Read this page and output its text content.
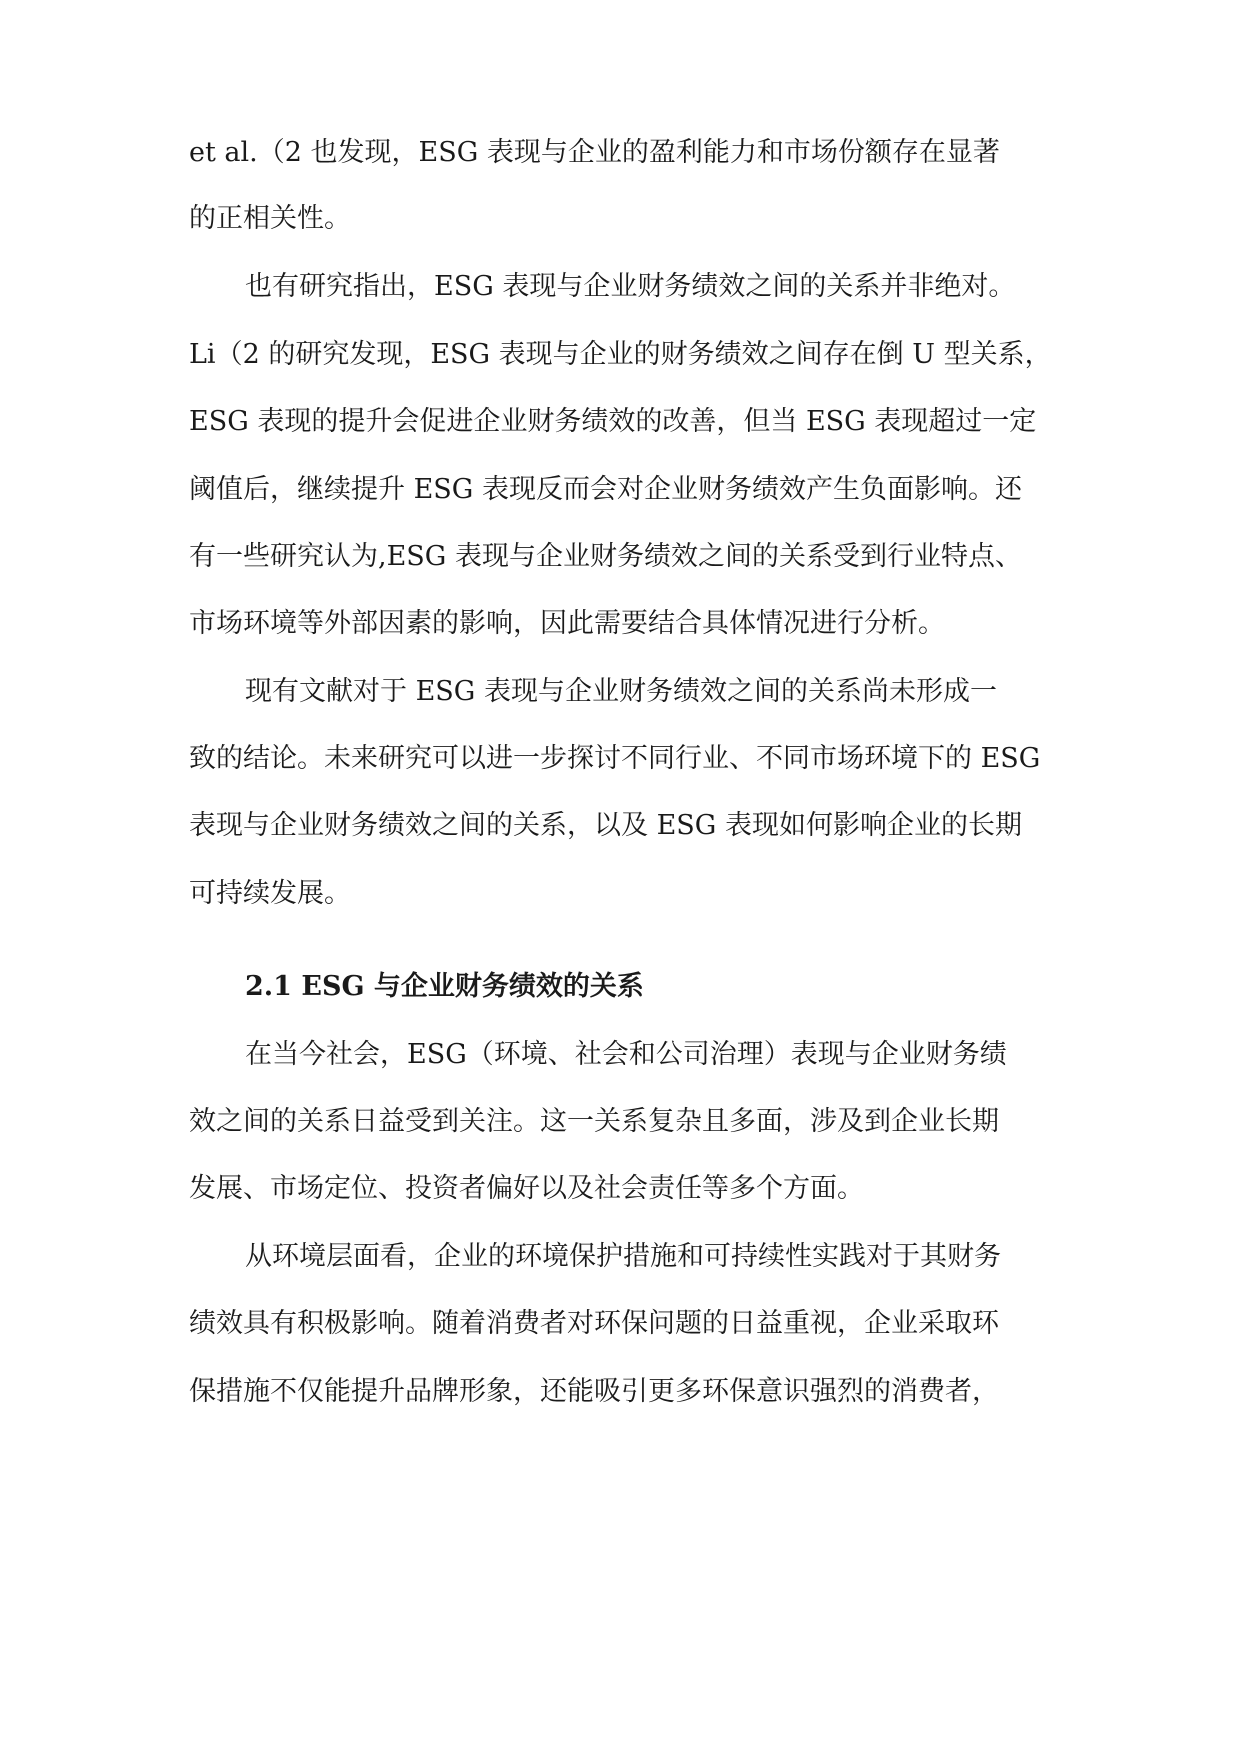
et al.（2 也发现，ESG 表现与企业的盈利能力和市场份额存在显著
的正相关性。
也有研究指出，ESG 表现与企业财务绩效之间的关系并非绝对。
Li（2 的研究发现，ESG 表现与企业的财务绩效之间存在倒 U 型关系，
ESG 表现的提升会促进企业财务绩效的改善，但当 ESG 表现超过一定
阈值后，继续提升 ESG 表现反而会对企业财务绩效产生负面影响。还
有一些研究认为,ESG 表现与企业财务绩效之间的关系受到行业特点、
市场环境等外部因素的影响，因此需要结合具体情况进行分析。
现有文献对于 ESG 表现与企业财务绩效之间的关系尚未形成一
致的结论。未来研究可以进一步探讨不同行业、不同市场环境下的 ESG
表现与企业财务绩效之间的关系，以及 ESG 表现如何影响企业的长期
可持续发展。
2.1 ESG 与企业财务绩效的关系
在当今社会，ESG（环境、社会和公司治理）表现与企业财务绩
效之间的关系日益受到关注。这一关系复杂且多面，涉及到企业长期
发展、市场定位、投资者偏好以及社会责任等多个方面。
从环境层面看，企业的环境保护措施和可持续性实践对于其财务
绩效具有积极影响。随着消费者对环保问题的日益重视，企业采取环
保措施不仅能提升品牌形象，还能吸引更多环保意识强烈的消费者，
